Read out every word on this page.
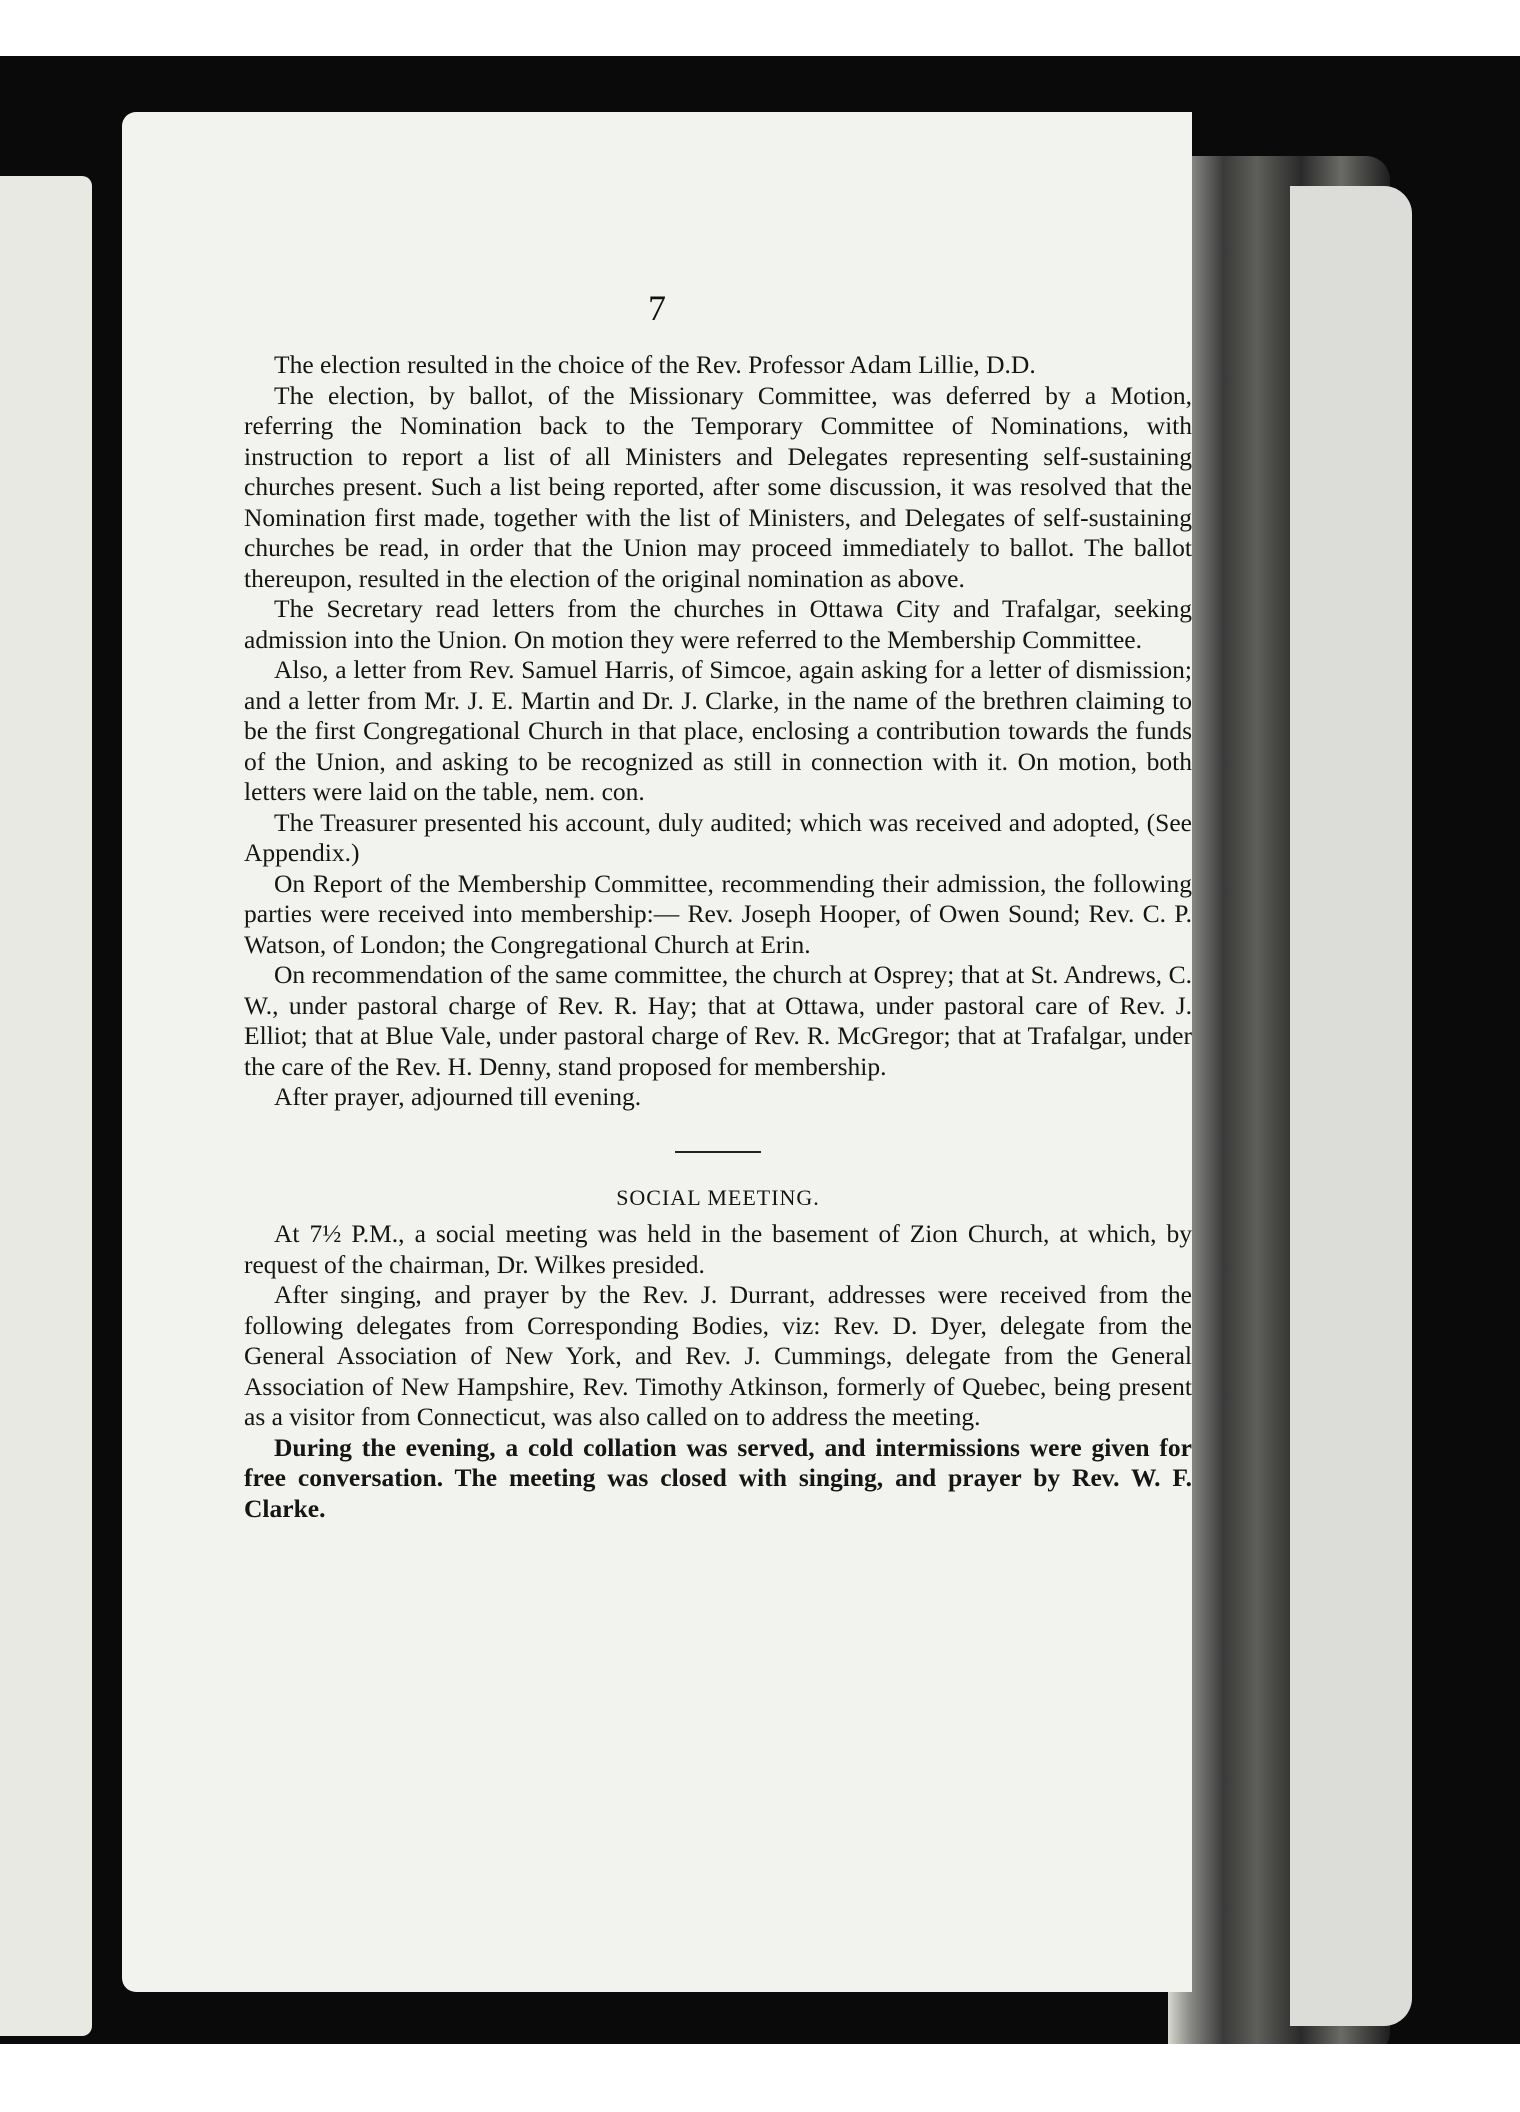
7

The election resulted in the choice of the Rev. Professor Adam Lillie, D.D.

The election, by ballot, of the Missionary Committee, was deferred by a Motion, referring the Nomination back to the Temporary Committee of Nominations, with instruction to report a list of all Ministers and Delegates representing self-sustaining churches present. Such a list being reported, after some discussion, it was resolved that the Nomination first made, together with the list of Ministers, and Delegates of self-sustaining churches be read, in order that the Union may proceed immediately to ballot. The ballot thereupon, resulted in the election of the original nomination as above.

The Secretary read letters from the churches in Ottawa City and Trafalgar, seeking admission into the Union. On motion they were referred to the Membership Committee.

Also, a letter from Rev. Samuel Harris, of Simcoe, again asking for a letter of dismission; and a letter from Mr. J. E. Martin and Dr. J. Clarke, in the name of the brethren claiming to be the first Congregational Church in that place, enclosing a contribution towards the funds of the Union, and asking to be recognized as still in connection with it. On motion, both letters were laid on the table, nem. con.

The Treasurer presented his account, duly audited; which was received and adopted, (See Appendix.)

On Report of the Membership Committee, recommending their admission, the following parties were received into membership:— Rev. Joseph Hooper, of Owen Sound; Rev. C. P. Watson, of London; the Congregational Church at Erin.

On recommendation of the same committee, the church at Osprey; that at St. Andrews, C. W., under pastoral charge of Rev. R. Hay; that at Ottawa, under pastoral care of Rev. J. Elliot; that at Blue Vale, under pastoral charge of Rev. R. McGregor; that at Trafalgar, under the care of the Rev. H. Denny, stand proposed for membership.

After prayer, adjourned till evening.

SOCIAL MEETING.

At 7½ P.M., a social meeting was held in the basement of Zion Church, at which, by request of the chairman, Dr. Wilkes presided.

After singing, and prayer by the Rev. J. Durrant, addresses were received from the following delegates from Corresponding Bodies, viz: Rev. D. Dyer, delegate from the General Association of New York, and Rev. J. Cummings, delegate from the General Association of New Hampshire, Rev. Timothy Atkinson, formerly of Quebec, being present as a visitor from Connecticut, was also called on to address the meeting.

During the evening, a cold collation was served, and intermissions were given for free conversation. The meeting was closed with singing, and prayer by Rev. W. F. Clarke.
